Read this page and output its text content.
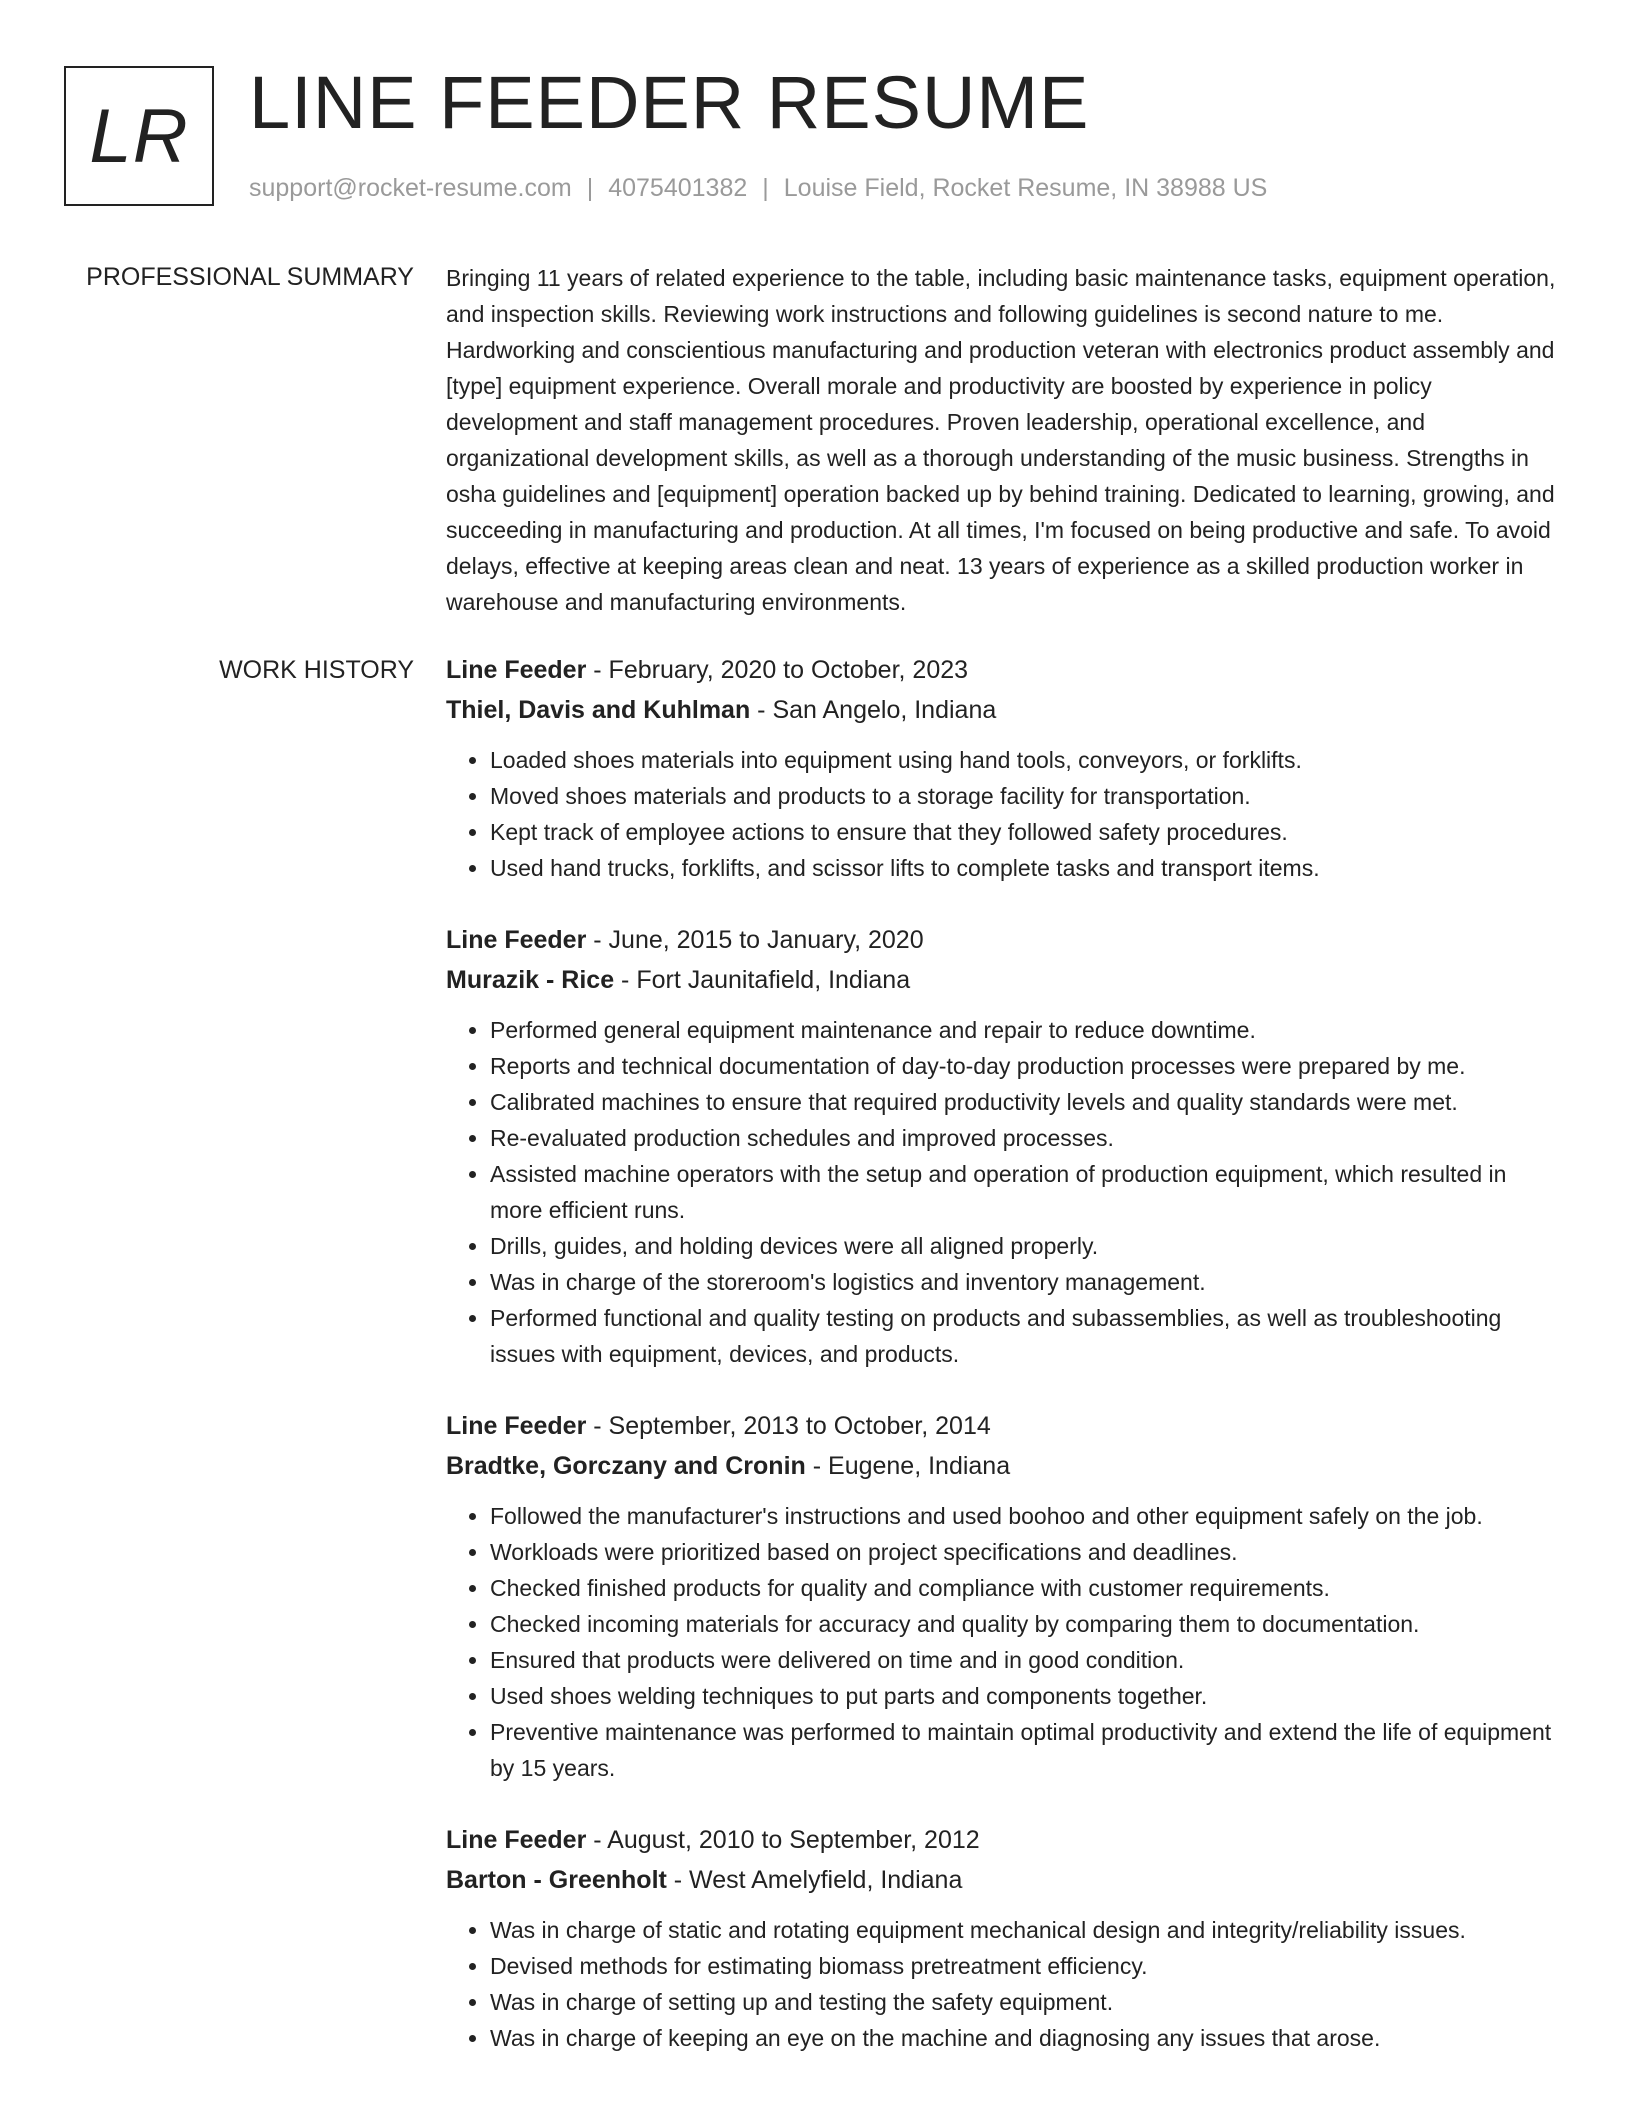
LR LINE FEEDER RESUME
support@rocket-resume.com | 4075401382 | Louise Field, Rocket Resume, IN 38988 US
PROFESSIONAL SUMMARY Bringing 11 years of related experience to the table, including basic maintenance tasks, equipment operation, and inspection skills. Reviewing work instructions and following guidelines is second nature to me. Hardworking and conscientious manufacturing and production veteran with electronics product assembly and [type] equipment experience. Overall morale and productivity are boosted by experience in policy development and staff management procedures. Proven leadership, operational excellence, and organizational development skills, as well as a thorough understanding of the music business. Strengths in osha guidelines and [equipment] operation backed up by behind training. Dedicated to learning, growing, and succeeding in manufacturing and production. At all times, I'm focused on being productive and safe. To avoid delays, effective at keeping areas clean and neat. 13 years of experience as a skilled production worker in warehouse and manufacturing environments.

WORK HISTORY Line Feeder - February, 2020 to October, 2023
Thiel, Davis and Kuhlman - San Angelo, Indiana
• Loaded shoes materials into equipment using hand tools, conveyors, or forklifts.
• Moved shoes materials and products to a storage facility for transportation.
• Kept track of employee actions to ensure that they followed safety procedures.
• Used hand trucks, forklifts, and scissor lifts to complete tasks and transport items.
Line Feeder - June, 2015 to January, 2020
Murazik - Rice - Fort Jaunitafield, Indiana
• Performed general equipment maintenance and repair to reduce downtime.
• Reports and technical documentation of day-to-day production processes were prepared by me.
• Calibrated machines to ensure that required productivity levels and quality standards were met.
• Re-evaluated production schedules and improved processes.
• Assisted machine operators with the setup and operation of production equipment, which resulted in more efficient runs.
• Drills, guides, and holding devices were all aligned properly.
• Was in charge of the storeroom's logistics and inventory management.
• Performed functional and quality testing on products and subassemblies, as well as troubleshooting issues with equipment, devices, and products.
Line Feeder - September, 2013 to October, 2014
Bradtke, Gorczany and Cronin - Eugene, Indiana
• Followed the manufacturer's instructions and used boohoo and other equipment safely on the job.
• Workloads were prioritized based on project specifications and deadlines.
• Checked finished products for quality and compliance with customer requirements.
• Checked incoming materials for accuracy and quality by comparing them to documentation.
• Ensured that products were delivered on time and in good condition.
• Used shoes welding techniques to put parts and components together.
• Preventive maintenance was performed to maintain optimal productivity and extend the life of equipment by 15 years.
Line Feeder - August, 2010 to September, 2012
Barton - Greenholt - West Amelyfield, Indiana
• Was in charge of static and rotating equipment mechanical design and integrity/reliability issues.
• Devised methods for estimating biomass pretreatment efficiency.
• Was in charge of setting up and testing the safety equipment.
• Was in charge of keeping an eye on the machine and diagnosing any issues that arose.
